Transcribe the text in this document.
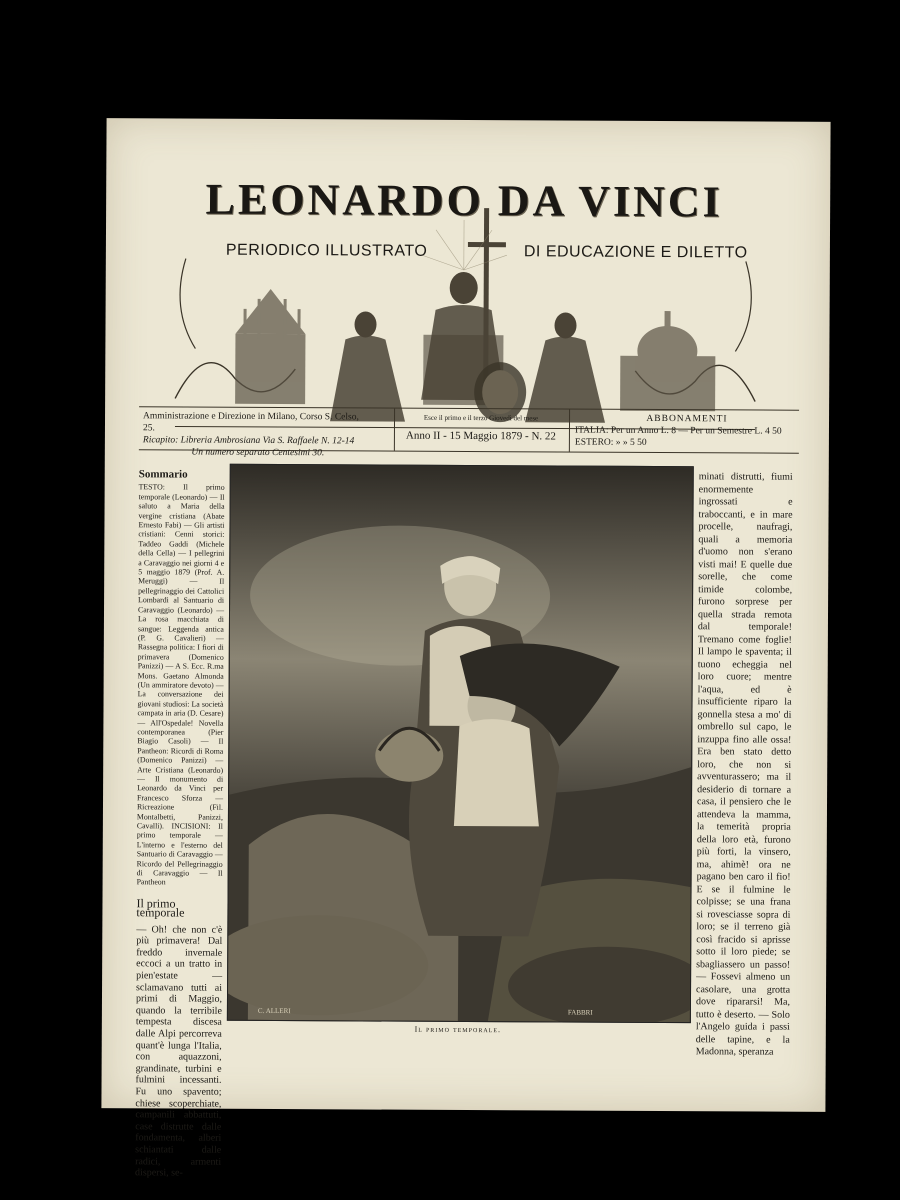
LEONARDO DA VINCI
PERIODICO ILLUSTRATO	DI EDUCAZIONE E DILETTO
Amministrazione e Direzione in Milano, Corso S. Celso, 25.
Ricapito: Libreria Ambrosiana Via S. Raffaele N. 12-14
Un numero separato Centesimi 30.
Esce il primo e il terzo Giovedì del mese
Anno II - 15 Maggio 1879 - N. 22
ABBONAMENTI
ITALIA: Per un Anno L. 8 — Per un Semestre L. 4 50
ESTERO: » » 5 50
Sommario

TESTO: Il primo temporale (Leonardo) — Il saluto a Maria della vergine cristiana (Abate Ernesto Fabi) — Gli artisti cristiani: Cenni storici: Taddeo Gaddi (Michele della Cella) — I pellegrini a Caravaggio nei giorni 4 e 5 maggio 1879 (Prof. A. Meruggi) — Il pellegrinaggio dei Cattolici Lombardi al Santuario di Caravaggio (Leonardo) — La rosa macchiata di sangue: Leggenda antica (P. G. Cavalieri) — Rassegna politica: I fiori di primavera (Domenico Panizzi) — A S. Ecc. R.ma Mons. Gaetano Almonda (Un ammiratore devoto) — La conversazione dei giovani studiosi: La società campata in aria (D. Cesare) — All'Ospedale! Novella contemporanea (Pier Biagio Casoli) — Il Pantheon: Ricordi di Roma (Domenico Panizzi) — Arte Cristiana (Leonardo) — Il monumento di Leonardo da Vinci per Francesco Sforza — Ricreazione (Fil. Montalbetti, Panizzi, Cavalli). INCISIONI: Il primo temporale — L'interno e l'esterno del Santuario di Caravaggio — Ricordo del Pellegrinaggio di Caravaggio — Il Pantheon

Il primo temporale

— Oh! che non c'è più primavera! Dal freddo invernale eccoci a un tratto in pien'estate — sclamavano tutti ai primi di Maggio, quando la terribile tempesta discesa dalle Alpi percorreva quant'è lunga l'Italia, con aquazzoni, grandinate, turbini e fulmini incessanti. Fu uno spavento; chiese scoperchiate, campanili abbattuti, case distrutte dalle fondamenta, alberi schiantati dalle radici, armenti dispersi, se-

C. ALLERI	FABBRI
Il primo temporale.

minati distrutti, fiumi enormemente ingrossati e traboccanti, e in mare procelle, naufragi, quali a memoria d'uomo non s'erano visti mai! E quelle due sorelle, che come timide colombe, furono sorprese per quella strada remota dal temporale! Tremano come foglie! Il lampo le spaventa; il tuono echeggia nel loro cuore; mentre l'aqua, ed è insufficiente riparo la gonnella stesa a mo' di ombrello sul capo, le inzuppa fino alle ossa! Era ben stato detto loro, che non si avventurassero; ma il desiderio di tornare a casa, il pensiero che le attendeva la mamma, la temerità propria della loro età, furono più forti, la vinsero, ma, ahimè! ora ne pagano ben caro il fio! E se il fulmine le colpisse; se una frana si rovesciasse sopra di loro; se il terreno già così fracido si aprisse sotto il loro piede; se sbagliassero un passo! — Fossevi almeno un casolare, una grotta dove ripararsi! Ma, tutto è deserto. — Solo l'Angelo guida i passi delle tapine, e la Madonna, speranza
